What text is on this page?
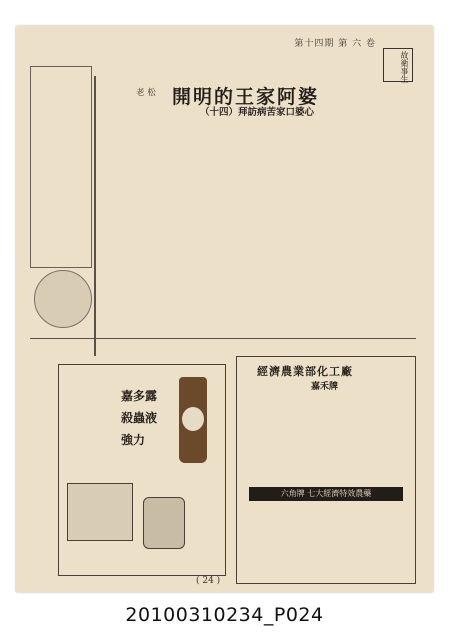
第十四期 第 六 卷
故衛事生
開明的王家阿婆
（十四）拜訪病苦家口婆心
老 松
嘉多露
殺蟲液
強力
經濟農業部化工廠
嘉禾牌
六角牌 七大經濟特效農藥
( 24 )
20100310234_P024
